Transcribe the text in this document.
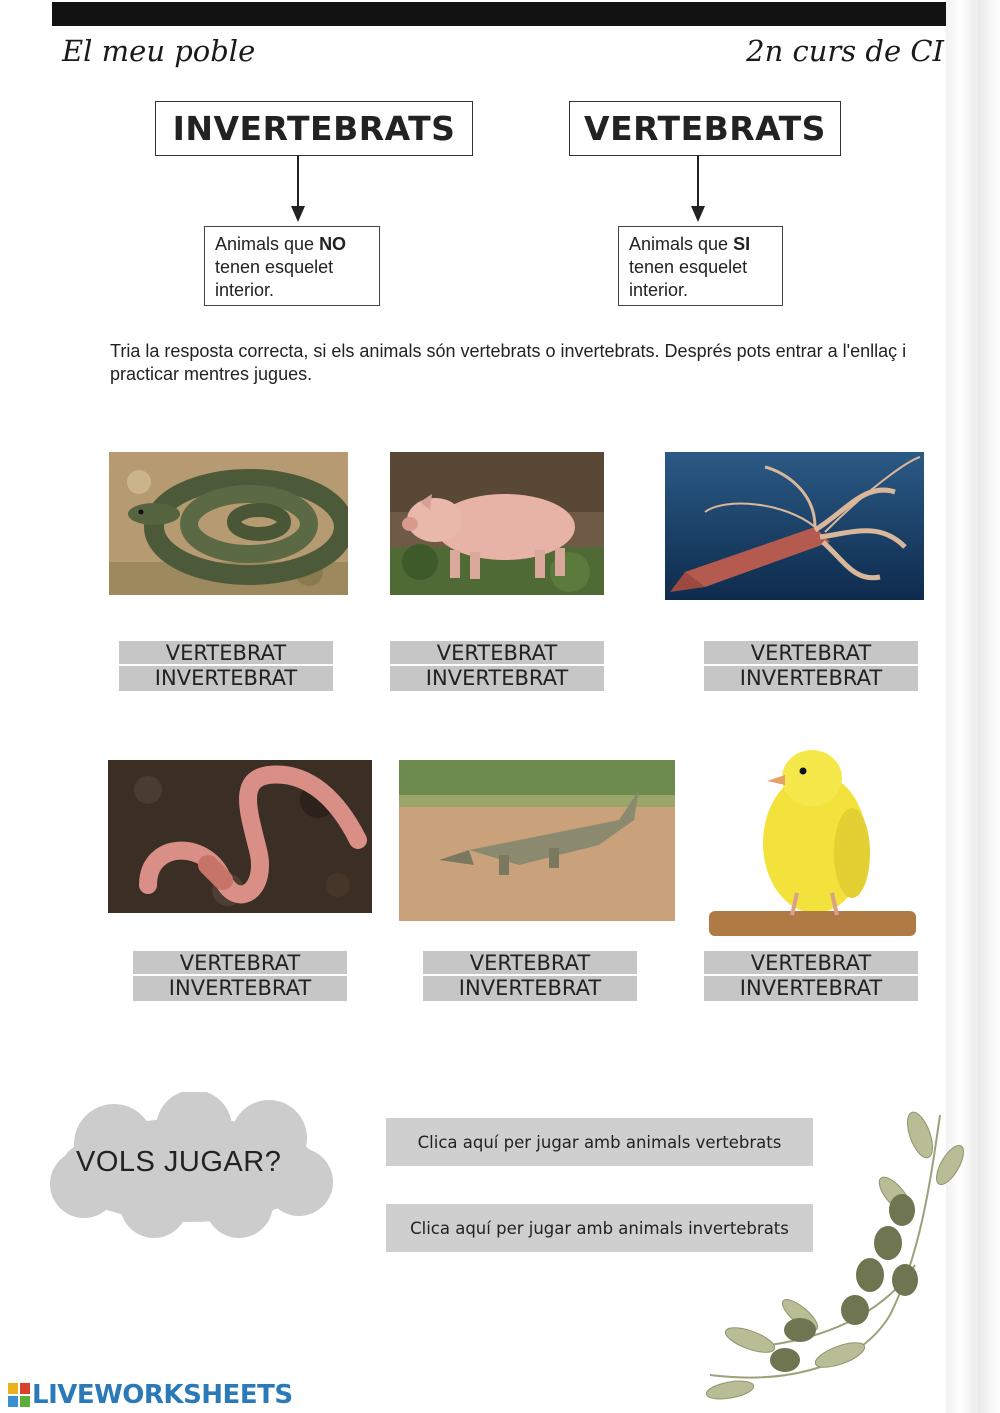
El meu poble	2n curs de CI
INVERTEBRATS
Animals que NO tenen esquelet interior.
VERTEBRATS
Animals que SI tenen esquelet interior.
Tria la resposta correcta, si els animals són vertebrats o invertebrats. Després pots entrar a l'enllaç i practicar mentres jugues.
VERTEBRAT
INVERTEBRAT
VERTEBRAT
INVERTEBRAT
VERTEBRAT
INVERTEBRAT
VERTEBRAT
INVERTEBRAT
VERTEBRAT
INVERTEBRAT
VERTEBRAT
INVERTEBRAT
VOLS JUGAR?
Clica aquí per jugar amb animals vertebrats
Clica aquí per jugar amb animals invertebrats
LIVEWORKSHEETS
